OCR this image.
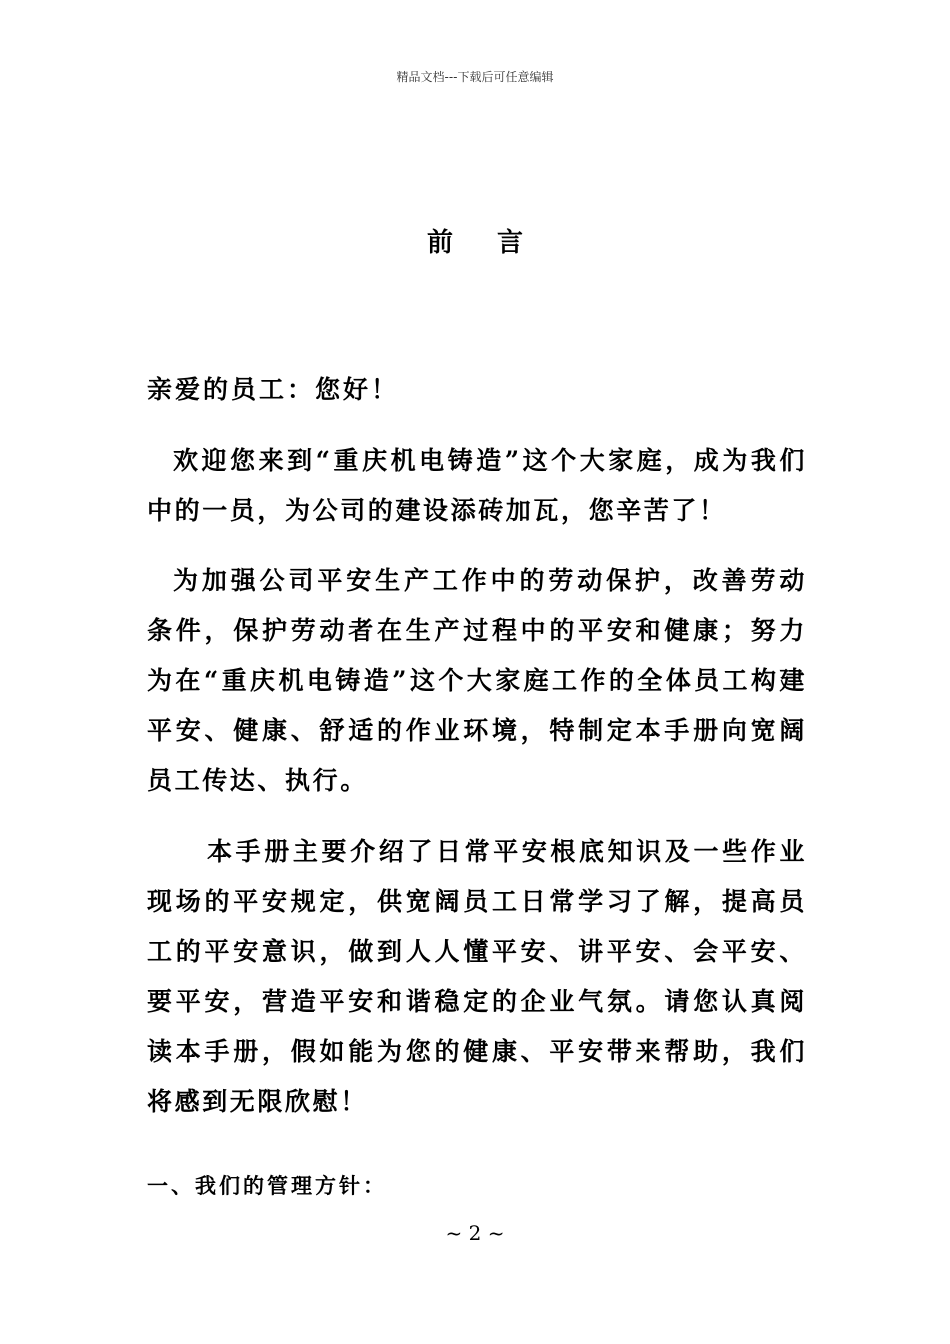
精品文档---下载后可任意编辑
前言
亲爱的员工：您好！
欢迎您来到“重庆机电铸造”这个大家庭，成为我们中的一员，为公司的建设添砖加瓦，您辛苦了！
为加强公司平安生产工作中的劳动保护，改善劳动条件，保护劳动者在生产过程中的平安和健康；努力为在“重庆机电铸造”这个大家庭工作的全体员工构建平安、健康、舒适的作业环境，特制定本手册向宽阔员工传达、执行。
本手册主要介绍了日常平安根底知识及一些作业现场的平安规定，供宽阔员工日常学习了解，提高员工的平安意识，做到人人懂平安、讲平安、会平安、要平安，营造平安和谐稳定的企业气氛。请您认真阅读本手册，假如能为您的健康、平安带来帮助，我们将感到无限欣慰！
一、我们的管理方针：
~ 2 ~
